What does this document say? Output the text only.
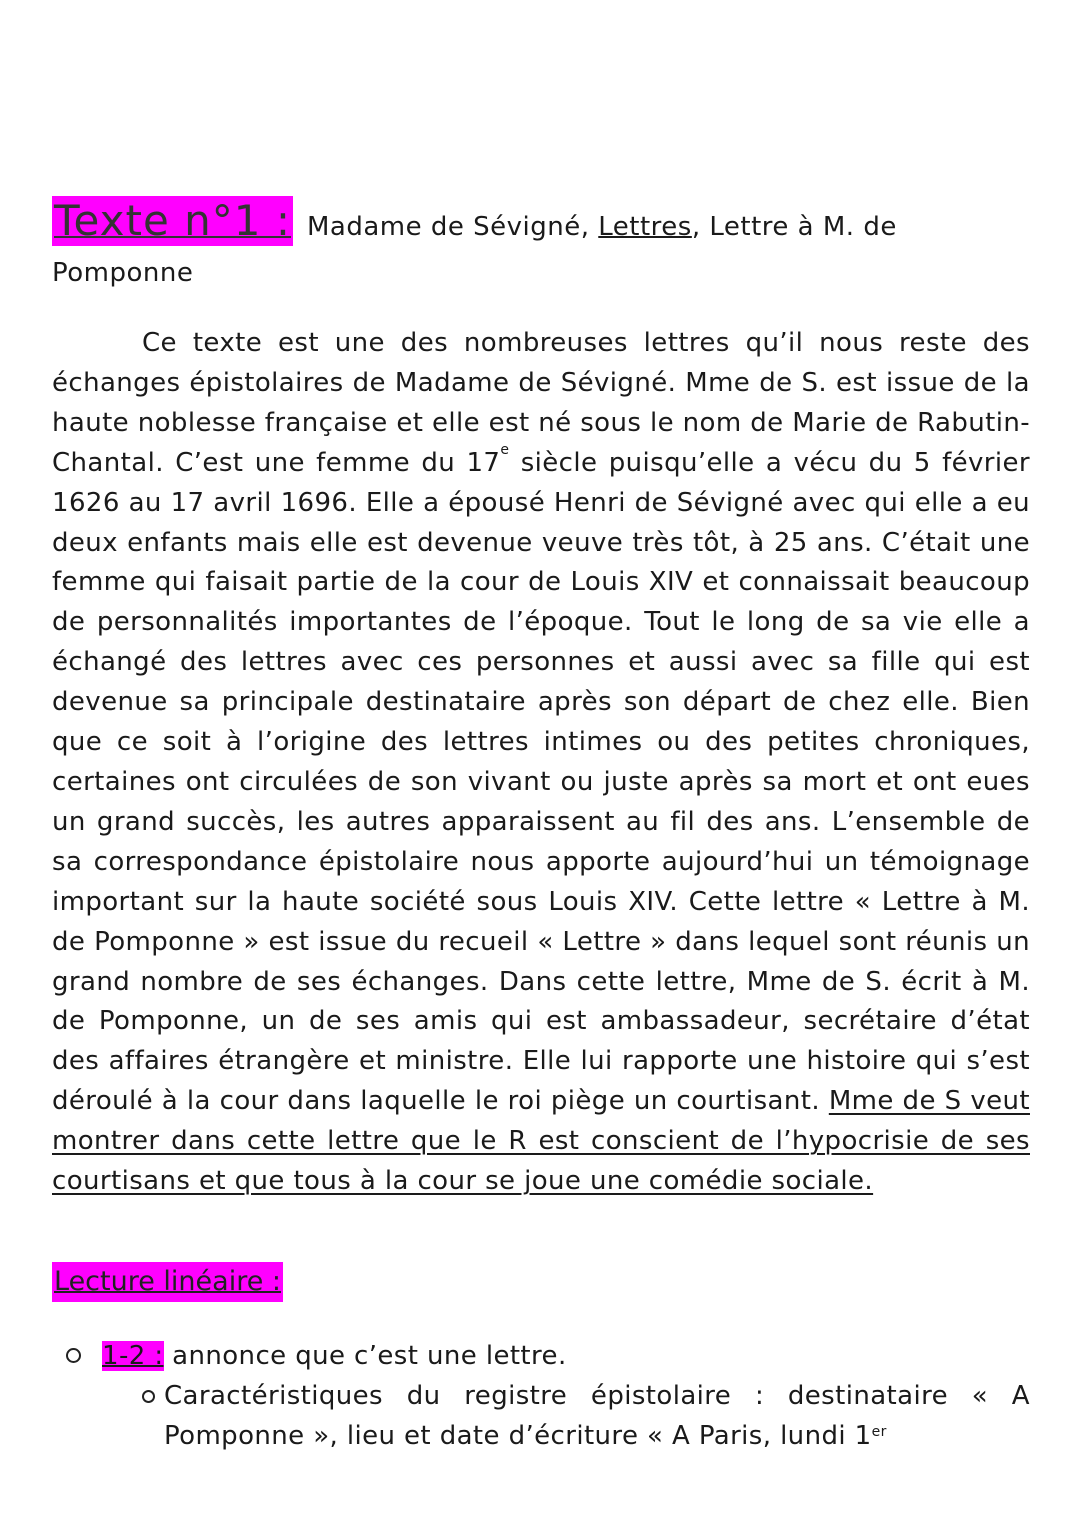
Texte n°1 : Madame de Sévigné, Lettres, Lettre à M. de
Pomponne

Ce texte est une des nombreuses lettres qu’il nous reste des échanges épistolaires de Madame de Sévigné. Mme de S. est issue de la haute noblesse française et elle est né sous le nom de Marie de Rabutin-Chantal. C’est une femme du 17e siècle puisqu’elle a vécu du 5 février 1626 au 17 avril 1696. Elle a épousé Henri de Sévigné avec qui elle a eu deux enfants mais elle est devenue veuve très tôt, à 25 ans. C’était une femme qui faisait partie de la cour de Louis XIV et connaissait beaucoup de personnalités importantes de l’époque. Tout le long de sa vie elle a échangé des lettres avec ces personnes et aussi avec sa fille qui est devenue sa principale destinataire après son départ de chez elle. Bien que ce soit à l’origine des lettres intimes ou des petites chroniques, certaines ont circulées de son vivant ou juste après sa mort et ont eues un grand succès, les autres apparaissent au fil des ans. L’ensemble de sa correspondance épistolaire nous apporte aujourd’hui un témoignage important sur la haute société sous Louis XIV. Cette lettre « Lettre à M. de Pomponne » est issue du recueil « Lettre » dans lequel sont réunis un grand nombre de ses échanges. Dans cette lettre, Mme de S. écrit à M. de Pomponne, un de ses amis qui est ambassadeur, secrétaire d’état des affaires étrangère et ministre. Elle lui rapporte une histoire qui s’est déroulé à la cour dans laquelle le roi piège un courtisant. Mme de S veut montrer dans cette lettre que le R est conscient de l’hypocrisie de ses courtisans et que tous à la cour se joue une comédie sociale.

Lecture linéaire :
1-2 : annonce que c’est une lettre.
Caractéristiques du registre épistolaire : destinataire « A Pomponne », lieu et date d’écriture « A Paris, lundi 1er
